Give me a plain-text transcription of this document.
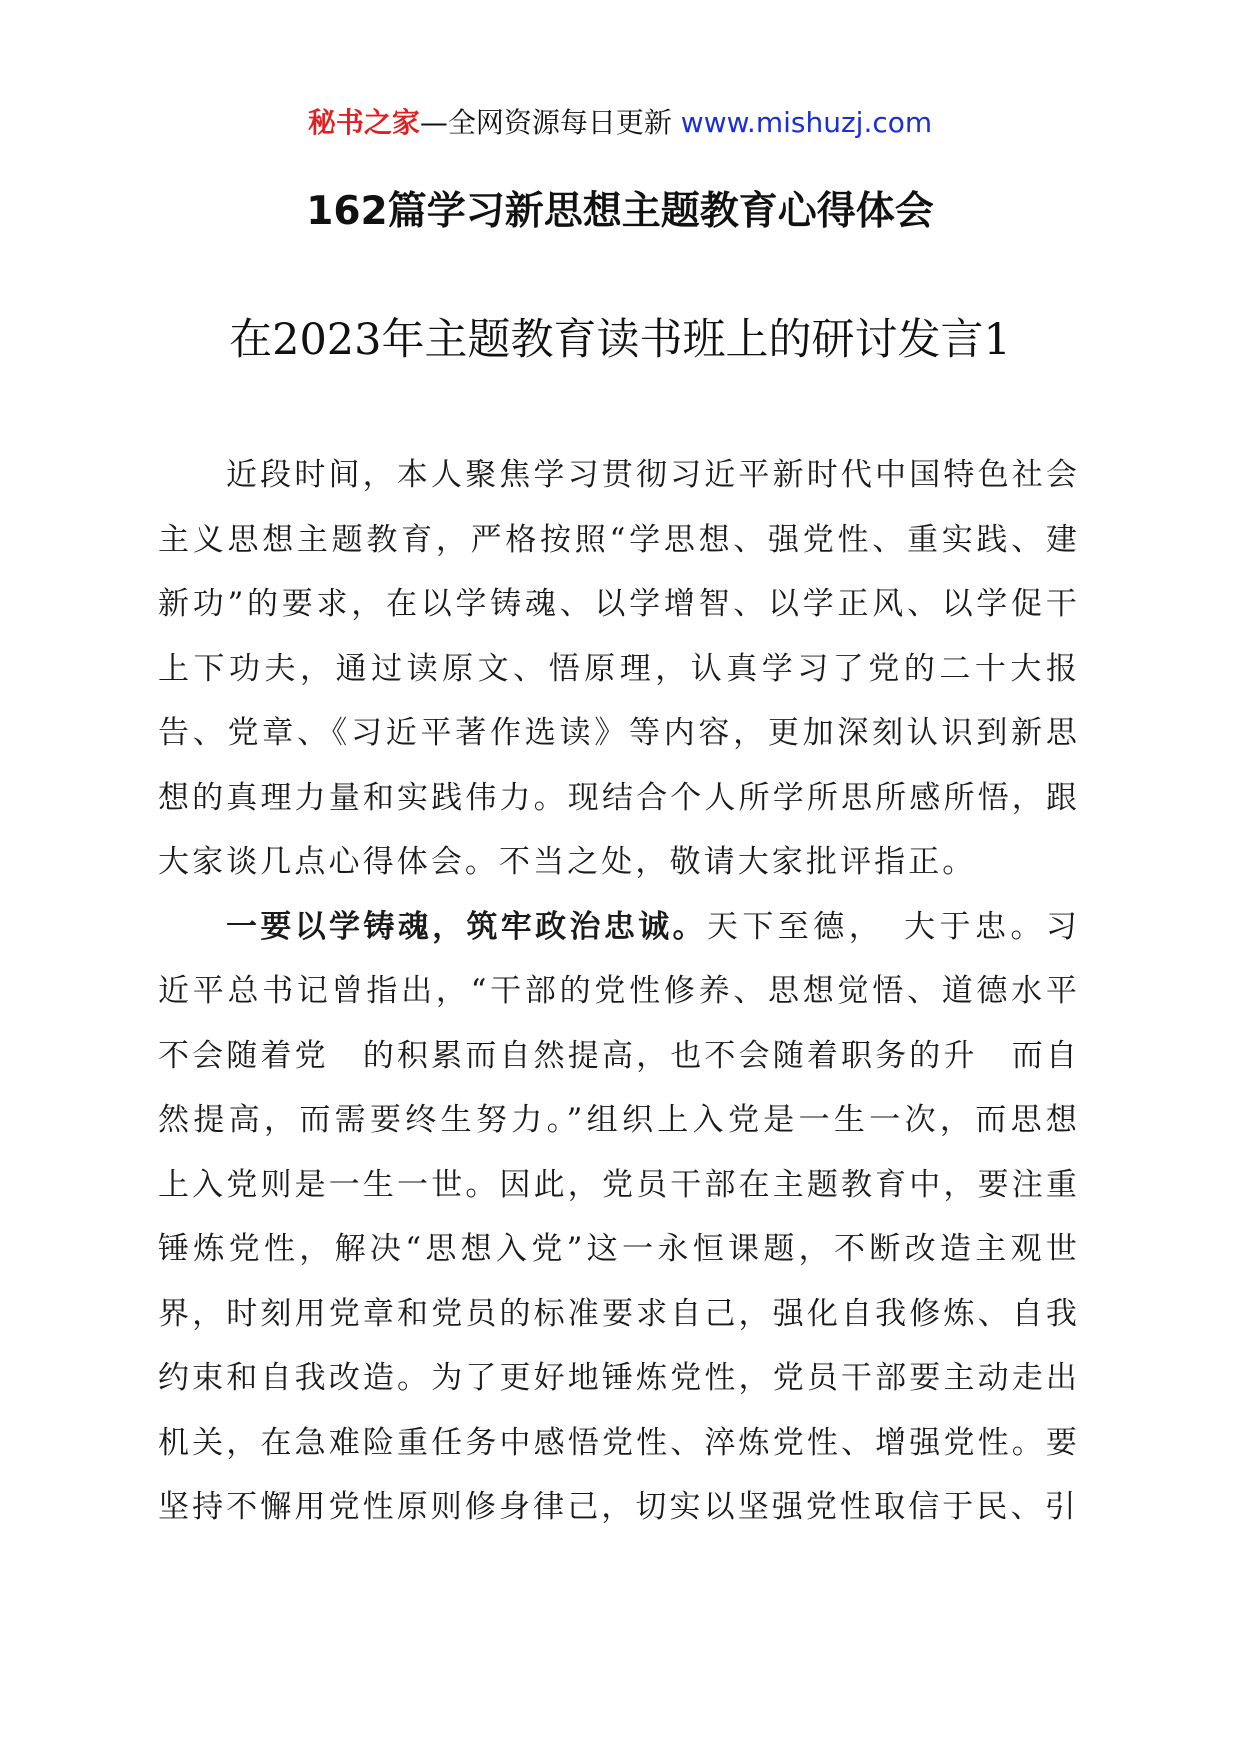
秘书之家—全网资源每日更新 www.mishuzj.com
162篇学习新思想主题教育心得体会
在2023年主题教育读书班上的研讨发言1

近段时间，本人聚焦学习贯彻习近平新时代中国特色社会主义思想主题教育，严格按照“学思想、强党性、重实践、建新功”的要求，在以学铸魂、以学增智、以学正风、以学促干上下功夫，通过读原文、悟原理，认真学习了党的二十大报告、党章、《习近平著作选读》等内容，更加深刻认识到新思想的真理力量和实践伟力。现结合个人所学所思所感所悟，跟大家谈几点心得体会。不当之处，敬请大家批评指正。

一要以学铸魂，筑牢政治忠诚。天下至德，　大于忠。习近平总书记曾指出，“干部的党性修养、思想觉悟、道德水平不会随着党　的积累而自然提高，也不会随着职务的升　而自然提高，而需要终生努力。”组织上入党是一生一次，而思想上入党则是一生一世。因此，党员干部在主题教育中，要注重锤炼党性，解决“思想入党”这一永恒课题，不断改造主观世界，时刻用党章和党员的标准要求自己，强化自我修炼、自我约束和自我改造。为了更好地锤炼党性，党员干部要主动走出机关，在急难险重任务中感悟党性、淬炼党性、增强党性。要坚持不懈用党性原则修身律己，切实以坚强党性取信于民、引
